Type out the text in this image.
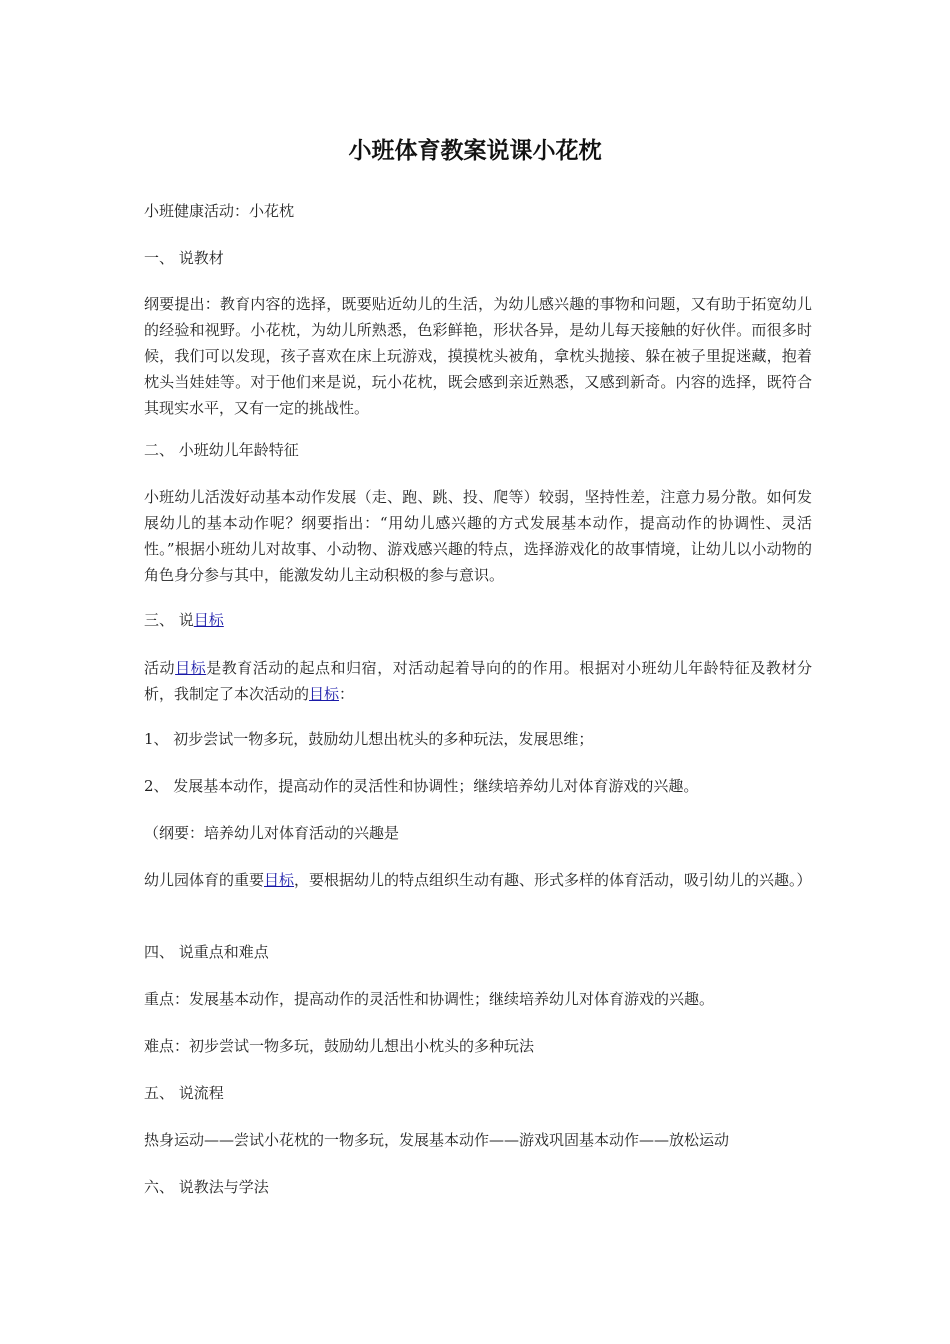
小班体育教案说课小花枕
小班健康活动：小花枕
一、 说教材
纲要提出：教育内容的选择，既要贴近幼儿的生活，为幼儿感兴趣的事物和问题，又有助于拓宽幼儿的经验和视野。小花枕，为幼儿所熟悉，色彩鲜艳，形状各异，是幼儿每天接触的好伙伴。而很多时候，我们可以发现，孩子喜欢在床上玩游戏，摸摸枕头被角，拿枕头抛接、躲在被子里捉迷藏，抱着枕头当娃娃等。对于他们来是说，玩小花枕，既会感到亲近熟悉，又感到新奇。内容的选择，既符合其现实水平，又有一定的挑战性。
二、 小班幼儿年龄特征
小班幼儿活泼好动基本动作发展（走、跑、跳、投、爬等）较弱，坚持性差，注意力易分散。如何发展幼儿的基本动作呢？纲要指出：“用幼儿感兴趣的方式发展基本动作，提高动作的协调性、灵活性。”根据小班幼儿对故事、小动物、游戏感兴趣的特点，选择游戏化的故事情境，让幼儿以小动物的角色身分参与其中，能激发幼儿主动积极的参与意识。
三、 说目标
活动目标是教育活动的起点和归宿，对活动起着导向的的作用。根据对小班幼儿年龄特征及教材分析，我制定了本次活动的目标：
1、 初步尝试一物多玩，鼓励幼儿想出枕头的多种玩法，发展思维；
2、 发展基本动作，提高动作的灵活性和协调性；继续培养幼儿对体育游戏的兴趣。
（纲要：培养幼儿对体育活动的兴趣是
幼儿园体育的重要目标，要根据幼儿的特点组织生动有趣、形式多样的体育活动，吸引幼儿的兴趣。）
四、 说重点和难点
重点：发展基本动作，提高动作的灵活性和协调性；继续培养幼儿对体育游戏的兴趣。
难点：初步尝试一物多玩，鼓励幼儿想出小枕头的多种玩法
五、 说流程
热身运动——尝试小花枕的一物多玩，发展基本动作——游戏巩固基本动作——放松运动
六、 说教法与学法
